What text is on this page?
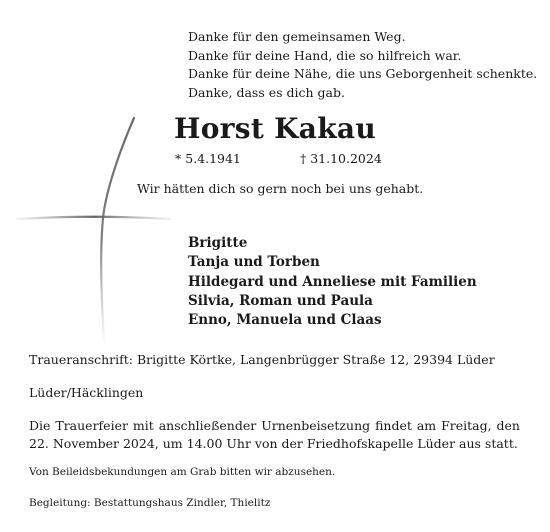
Danke für den gemeinsamen Weg.
Danke für deine Hand, die so hilfreich war.
Danke für deine Nähe, die uns Geborgenheit schenkte.
Danke, dass es dich gab.
Horst Kakau
* 5.4.1941	† 31.10.2024
Wir hätten dich so gern noch bei uns gehabt.
Brigitte
Tanja und Torben
Hildegard und Anneliese mit Familien
Silvia, Roman und Paula
Enno, Manuela und Claas
Traueranschrift: Brigitte Körtke, Langenbrügger Straße 12, 29394 Lüder
Lüder/Häcklingen
Die Trauerfeier mit anschließender Urnenbeisetzung findet am Freitag, den
22. November 2024, um 14.00 Uhr von der Friedhofskapelle Lüder aus statt.
Von Beileidsbekundungen am Grab bitten wir abzusehen.
Begleitung: Bestattungshaus Zindler, Thielitz
